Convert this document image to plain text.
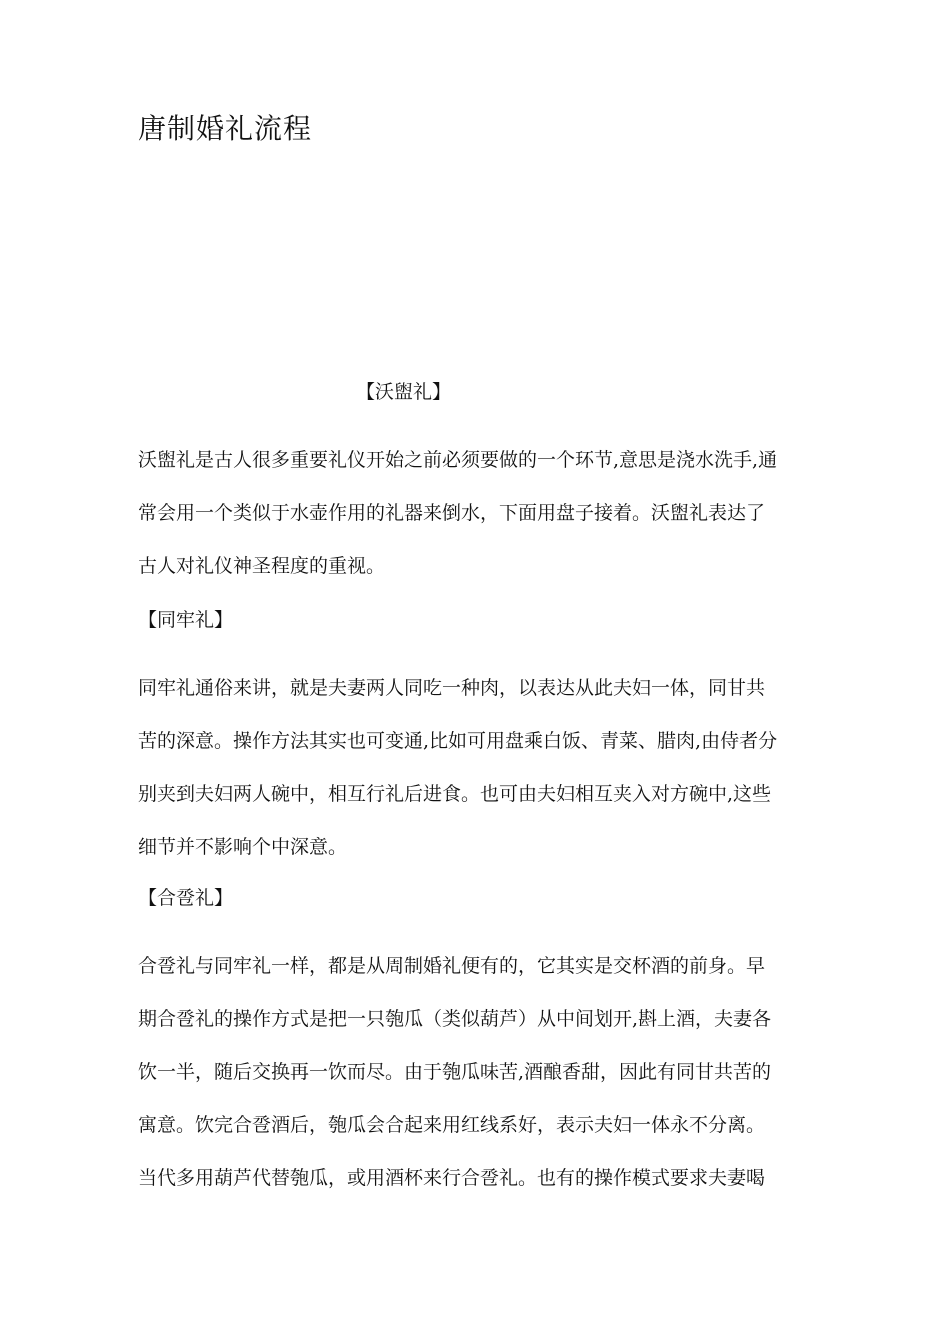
唐制婚礼流程
【沃盥礼】
沃盥礼是古人很多重要礼仪开始之前必须要做的一个环节,意思是浇水洗手,通
常会用一个类似于水壶作用的礼器来倒水，下面用盘子接着。沃盥礼表达了
古人对礼仪神圣程度的重视。
【同牢礼】
同牢礼通俗来讲，就是夫妻两人同吃一种肉，以表达从此夫妇一体，同甘共
苦的深意。操作方法其实也可变通,比如可用盘乘白饭、青菜、腊肉,由侍者分
别夹到夫妇两人碗中，相互行礼后进食。也可由夫妇相互夹入对方碗中,这些
细节并不影响个中深意。
【合卺礼】
合卺礼与同牢礼一样，都是从周制婚礼便有的，它其实是交杯酒的前身。早
期合卺礼的操作方式是把一只匏瓜（类似葫芦）从中间划开,斟上酒，夫妻各
饮一半，随后交换再一饮而尽。由于匏瓜味苦,酒酿香甜，因此有同甘共苦的
寓意。饮完合卺酒后，匏瓜会合起来用红线系好，表示夫妇一体永不分离。
当代多用葫芦代替匏瓜，或用酒杯来行合卺礼。也有的操作模式要求夫妻喝
